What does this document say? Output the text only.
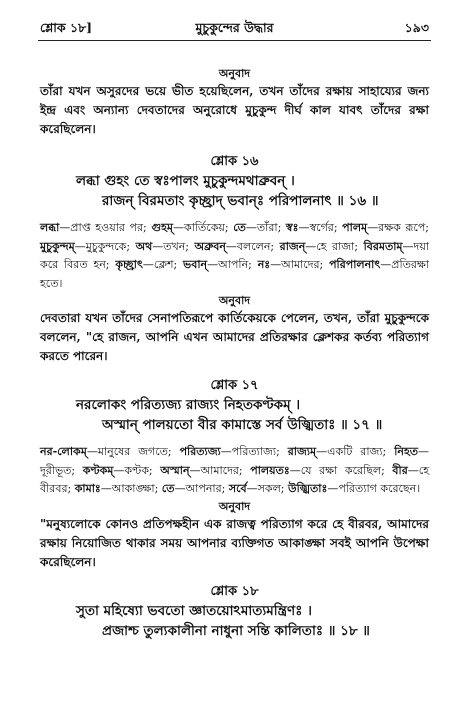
শ্লোক ১৮]	মুচুকুন্দের উদ্ধার	১৯৩

অনুবাদ

তাঁরা যখন অসুরদের ভয়ে ভীত হয়েছিলেন, তখন তাঁদের রক্ষায় সাহায্যের জন্য ইন্দ্র এবং অন্যান্য দেবতাদের অনুরোধে মুচুকুন্দ দীর্ঘ কাল যাবৎ তাঁদের রক্ষা করেছিলেন।

শ্লোক ১৬

লব্ধা গুহং তে স্বঃপালং মুচুকুন্দমথাব্রুবন্ ।

রাজন্ বিরমতাং কৃচ্ছ্রাদ্ ভবান্ঃ পরিপালনাৎ ॥ ১৬ ॥

লব্ধা—প্রাপ্ত হওয়ার পর; গুহম্—কার্তিকেয়; তে—তাঁরা; স্বঃ—স্বর্গের; পালম্—রক্ষক রূপে; মুচুকুন্দম্—মুচুকুন্দকে; অথ—তখন; অব্রুবন্—বললেন; রাজন্—হে রাজা; বিরমতাম্—দয়া করে বিরত হন; কৃচ্ছ্রাৎ—ক্লেশ; ভবান্—আপনি; নঃ—আমাদের; পরিপালনাৎ—প্রতিরক্ষা হতে।

অনুবাদ

দেবতারা যখন তাঁদের সেনাপতিরূপে কার্তিকেয়কে পেলেন, তখন, তাঁরা মুচুকুন্দকে বললেন, "হে রাজন, আপনি এখন আমাদের প্রতিরক্ষার ক্লেশকর কর্তব্য পরিত্যাগ করতে পারেন।

শ্লোক ১৭

নরলোকং পরিত্যজ্য রাজ্যং নিহতকণ্টকম্ ।

অস্মান্ পালয়তো বীর কামাস্তে সর্ব উজ্ঝিতাঃ ॥ ১৭ ॥

নর-লোকম্—মানুষের জগতে; পরিত্যজ্য—পরিত্যাজ্য; রাজ্যম্—একটি রাজ্য; নিহত—দূরীভূত; কণ্টকম্—কণ্টক; অস্মান্—আমাদের; পালয়তঃ—যে রক্ষা করেছিল; বীর—হে বীরবর; কামাঃ—আকাঙ্ক্ষা; তে—আপনার; সর্বে—সকল; উজ্ঝিতাঃ—পরিত্যাগ করেছেন।

অনুবাদ

"মনুষ্যলোকে কোনও প্রতিপক্ষহীন এক রাজত্ব পরিত্যাগ করে হে বীরবর, আমাদের রক্ষায় নিয়োজিত থাকার সময় আপনার ব্যক্তিগত আকাঙ্ক্ষা সবই আপনি উপেক্ষা করেছিলেন।

শ্লোক ১৮

সুতা মহিষ্যো ভবতো জ্ঞাতয়োঽমাত্যমন্ত্রিণঃ ।

প্রজাশ্চ তুল্যকালীনা নাধুনা সন্তি কালিতাঃ ॥ ১৮ ॥
